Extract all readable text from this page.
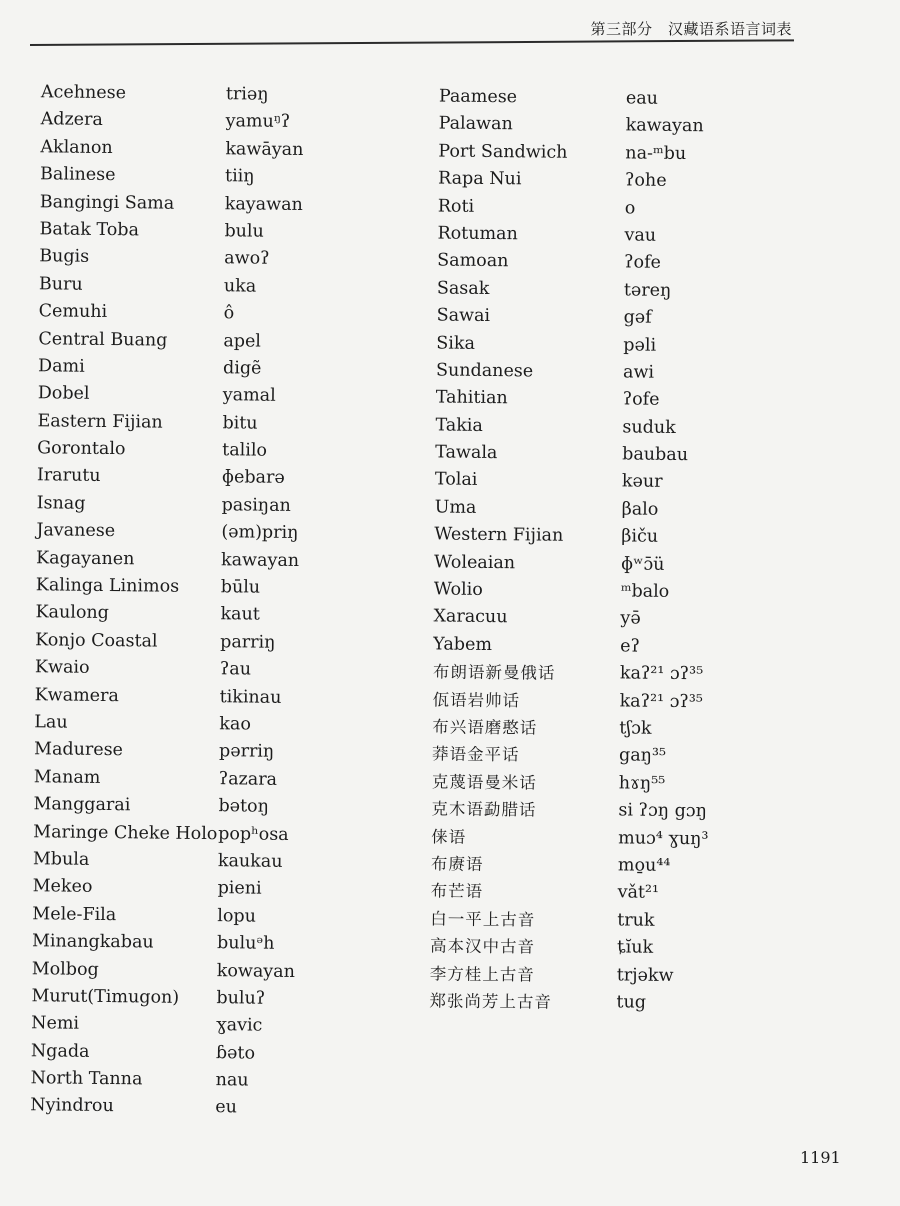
第三部分　汉藏语系语言词表
Acehnese
Adzera
Aklanon
Balinese
Bangingi Sama
Batak Toba
Bugis
Buru
Cemuhi
Central Buang
Dami
Dobel
Eastern Fijian
Gorontalo
Irarutu
Isnag
Javanese
Kagayanen
Kalinga Linimos
Kaulong
Konjo Coastal
Kwaio
Kwamera
Lau
Madurese
Manam
Manggarai
Maringe Cheke Holo
Mbula
Mekeo
Mele-Fila
Minangkabau
Molbog
Murut(Timugon)
Nemi
Ngada
North Tanna
Nyindrou
triəŋ
yamuᵑʔ
kawāyan
tiiŋ
kayawan
bulu
awoʔ
uka
ô
apel
digẽ
yamal
bitu
talilo
ɸebarə
pasiŋan
(əm)priŋ
kawayan
būlu
kaut
parriŋ
ʔau
tikinau
kao
pərriŋ
ʔazara
bətoŋ
popʰosa
kaukau
pieni
lopu
buluᵊh
kowayan
buluʔ
ɣavic
ɓəto
nau
eu
Paamese
Palawan
Port Sandwich
Rapa Nui
Roti
Rotuman
Samoan
Sasak
Sawai
Sika
Sundanese
Tahitian
Takia
Tawala
Tolai
Uma
Western Fijian
Woleaian
Wolio
Xaracuu
Yabem
布朗语新曼俄话
佤语岩帅话
布兴语磨憨话
莽语金平话
克蔑语曼米话
克木语勐腊话
俫语
布赓语
布芒语
白一平上古音
高本汉中古音
李方桂上古音
郑张尚芳上古音
eau
kawayan
na-ᵐbu
ʔohe
o
vau
ʔofe
təreŋ
gəf
pəli
awi
ʔofe
suduk
baubau
kəur
βalo
βiču
ɸʷɔ̄ü
ᵐbalo
yə̄
eʔ
kaʔ²¹ ɔʔ³⁵
kaʔ²¹ ɔʔ³⁵
tʃɔk
gaŋ³⁵
hɤŋ⁵⁵
si ʔɔŋ gɔŋ
muɔ⁴ ɣuŋ³
mo̱u⁴⁴
vǎt²¹
truk
ȶĭuk
trjəkw
tug
1191
